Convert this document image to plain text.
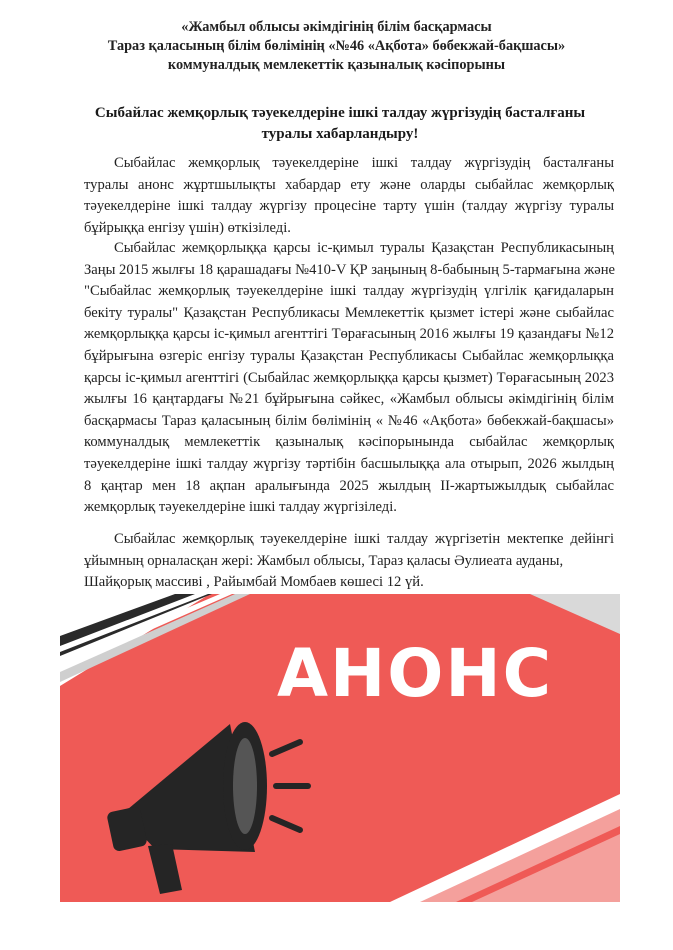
«Жамбыл облысы әкімдігінің білім басқармасы
Тараз қаласының білім бөлімінің «№46 «Ақбота» бөбекжай-бақшасы»
коммуналдық мемлекеттік қазыналық кәсіпорыны
Сыбайлас жемқорлық тәуекелдеріне ішкі талдау жүргізудің басталғаны
туралы хабарландыру!
Сыбайлас жемқорлық тәуекелдеріне ішкі талдау жүргізудің басталғаны
туралы анонс жұртшылықты хабардар ету және оларды сыбайлас жемқорлық
тәуекелдеріне ішкі талдау жүргізу процесіне тарту үшін (талдау жүргізу туралы
бұйрыққа енгізу үшін) өткізіледі.
Сыбайлас жемқорлыққа қарсы іс-қимыл туралы Қазақстан Республикасының
Заңы 2015 жылғы 18 қарашадағы №410-V ҚР заңының 8-бабының 5-тармағына және
"Сыбайлас жемқорлық тәуекелдеріне ішкі талдау жүргізудің үлгілік қағидаларын
бекіту туралы" Қазақстан Республикасы Мемлекеттік қызмет істері және сыбайлас
жемқорлыққа қарсы іс-қимыл агенттігі Төрағасының 2016 жылғы 19 қазандағы №12
бұйрығына өзгеріс енгізу туралы Қазақстан Республикасы Сыбайлас жемқорлыққа
қарсы іс-қимыл агенттігі (Сыбайлас жемқорлыққа қарсы қызмет) Төрағасының 2023
жылғы 16 қаңтардағы №21 бұйрығына сәйкес, «Жамбыл облысы әкімдігінің білім
басқармасы Тараз қаласының білім бөлімінің « №46 «Ақбота» бөбекжай-бақшасы»
коммуналдық мемлекеттік қазыналық кәсіпорынында сыбайлас жемқорлық
тәуекелдеріне ішкі талдау жүргізу тәртібін басшылыққа ала отырып, 2026 жылдың
8 қаңтар мен 18 ақпан аралығында 2025 жылдың ІІ-жартыжылдық сыбайлас
жемқорлық тәуекелдеріне ішкі талдау жүргізіледі.
Сыбайлас жемқорлық тәуекелдеріне ішкі талдау жүргізетін мектепке дейінгі
ұйымның орналасқан жері: Жамбыл облысы, Тараз қаласы Әулиеата ауданы,
Шайқорық массиві , Райымбай Момбаев көшесі 12 үй.
АНОНС
